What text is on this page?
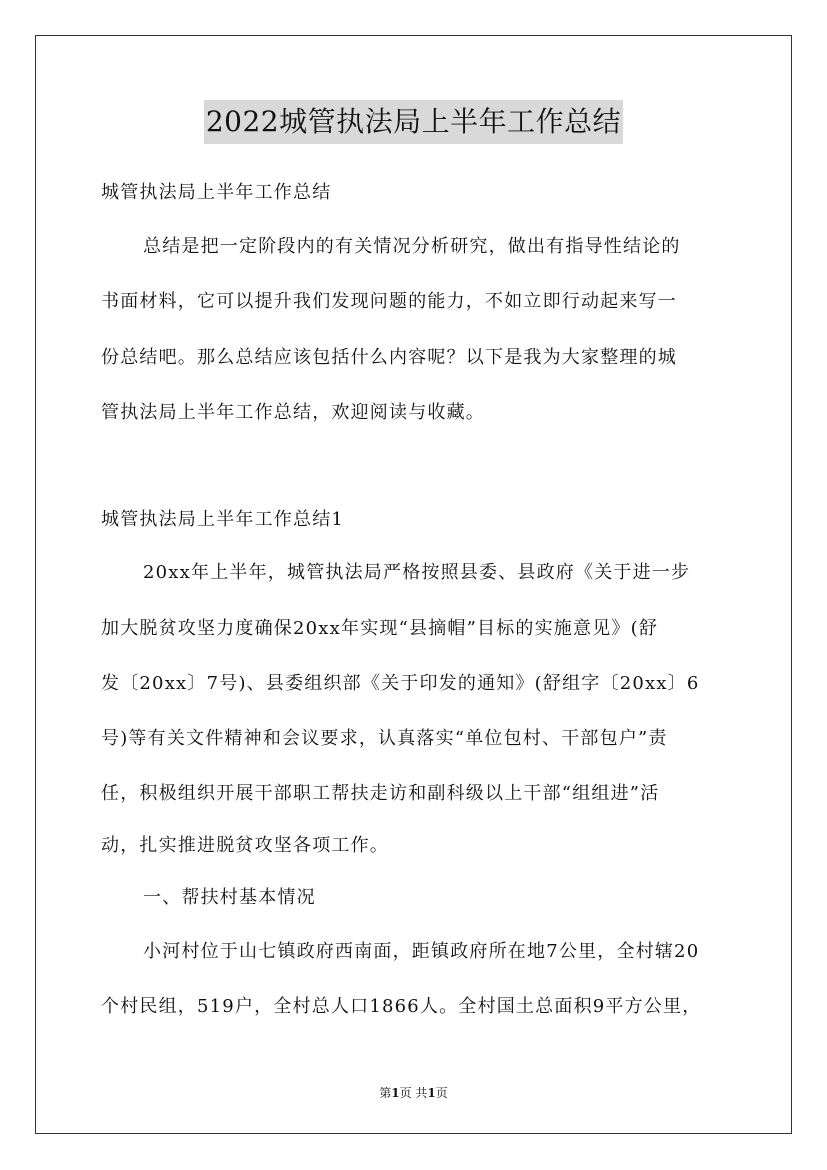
2022城管执法局上半年工作总结
城管执法局上半年工作总结
总结是把一定阶段内的有关情况分析研究，做出有指导性结论的
书面材料，它可以提升我们发现问题的能力，不如立即行动起来写一
份总结吧。那么总结应该包括什么内容呢？以下是我为大家整理的城
管执法局上半年工作总结，欢迎阅读与收藏。
城管执法局上半年工作总结1
20xx年上半年，城管执法局严格按照县委、县政府《关于进一步
加大脱贫攻坚力度确保20xx年实现“县摘帽”目标的实施意见》(舒
发〔20xx〕7号)、县委组织部《关于印发的通知》(舒组字〔20xx〕6
号)等有关文件精神和会议要求，认真落实“单位包村、干部包户”责
任，积极组织开展干部职工帮扶走访和副科级以上干部“组组进”活
动，扎实推进脱贫攻坚各项工作。
一、帮扶村基本情况
小河村位于山七镇政府西南面，距镇政府所在地7公里，全村辖20
个村民组，519户，全村总人口1866人。全村国土总面积9平方公里，
第1页 共1页
